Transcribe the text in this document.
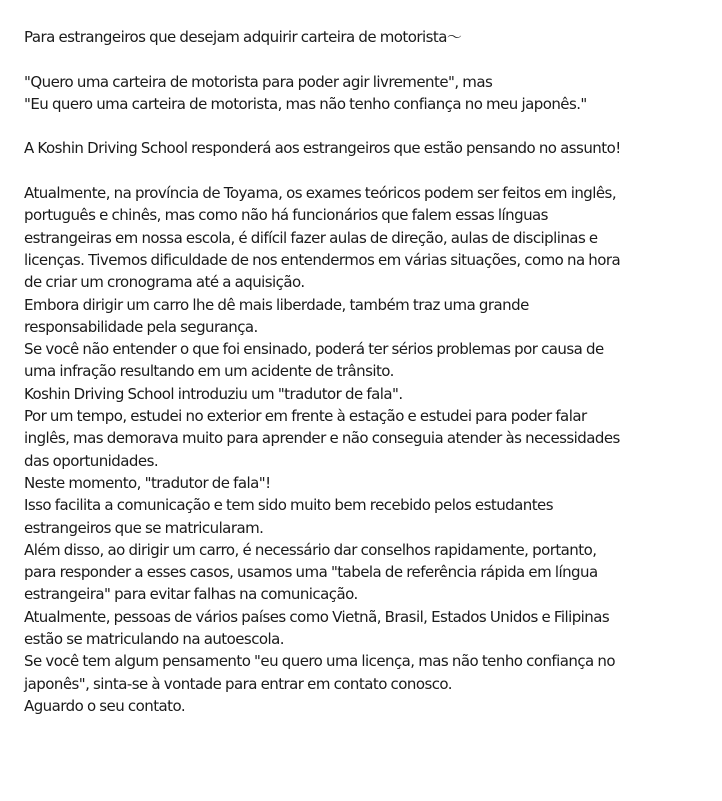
Para estrangeiros que desejam adquirir carteira de motorista～
"Quero uma carteira de motorista para poder agir livremente", mas
"Eu quero uma carteira de motorista, mas não tenho confiança no meu japonês."
A Koshin Driving School responderá aos estrangeiros que estão pensando no assunto!
Atualmente, na província de Toyama, os exames teóricos podem ser feitos em inglês,
português e chinês, mas como não há funcionários que falem essas línguas
estrangeiras em nossa escola, é difícil fazer aulas de direção, aulas de disciplinas e
licenças. Tivemos dificuldade de nos entendermos em várias situações, como na hora
de criar um cronograma até a aquisição.
Embora dirigir um carro lhe dê mais liberdade, também traz uma grande
responsabilidade pela segurança.
Se você não entender o que foi ensinado, poderá ter sérios problemas por causa de
uma infração resultando em um acidente de trânsito.
Koshin Driving School introduziu um "tradutor de fala".
Por um tempo, estudei no exterior em frente à estação e estudei para poder falar
inglês, mas demorava muito para aprender e não conseguia atender às necessidades
das oportunidades.
Neste momento, "tradutor de fala"!
Isso facilita a comunicação e tem sido muito bem recebido pelos estudantes
estrangeiros que se matricularam.
Além disso, ao dirigir um carro, é necessário dar conselhos rapidamente, portanto,
para responder a esses casos, usamos uma "tabela de referência rápida em língua
estrangeira" para evitar falhas na comunicação.
Atualmente, pessoas de vários países como Vietnã, Brasil, Estados Unidos e Filipinas
estão se matriculando na autoescola.
Se você tem algum pensamento "eu quero uma licença, mas não tenho confiança no
japonês", sinta-se à vontade para entrar em contato conosco.
Aguardo o seu contato.
